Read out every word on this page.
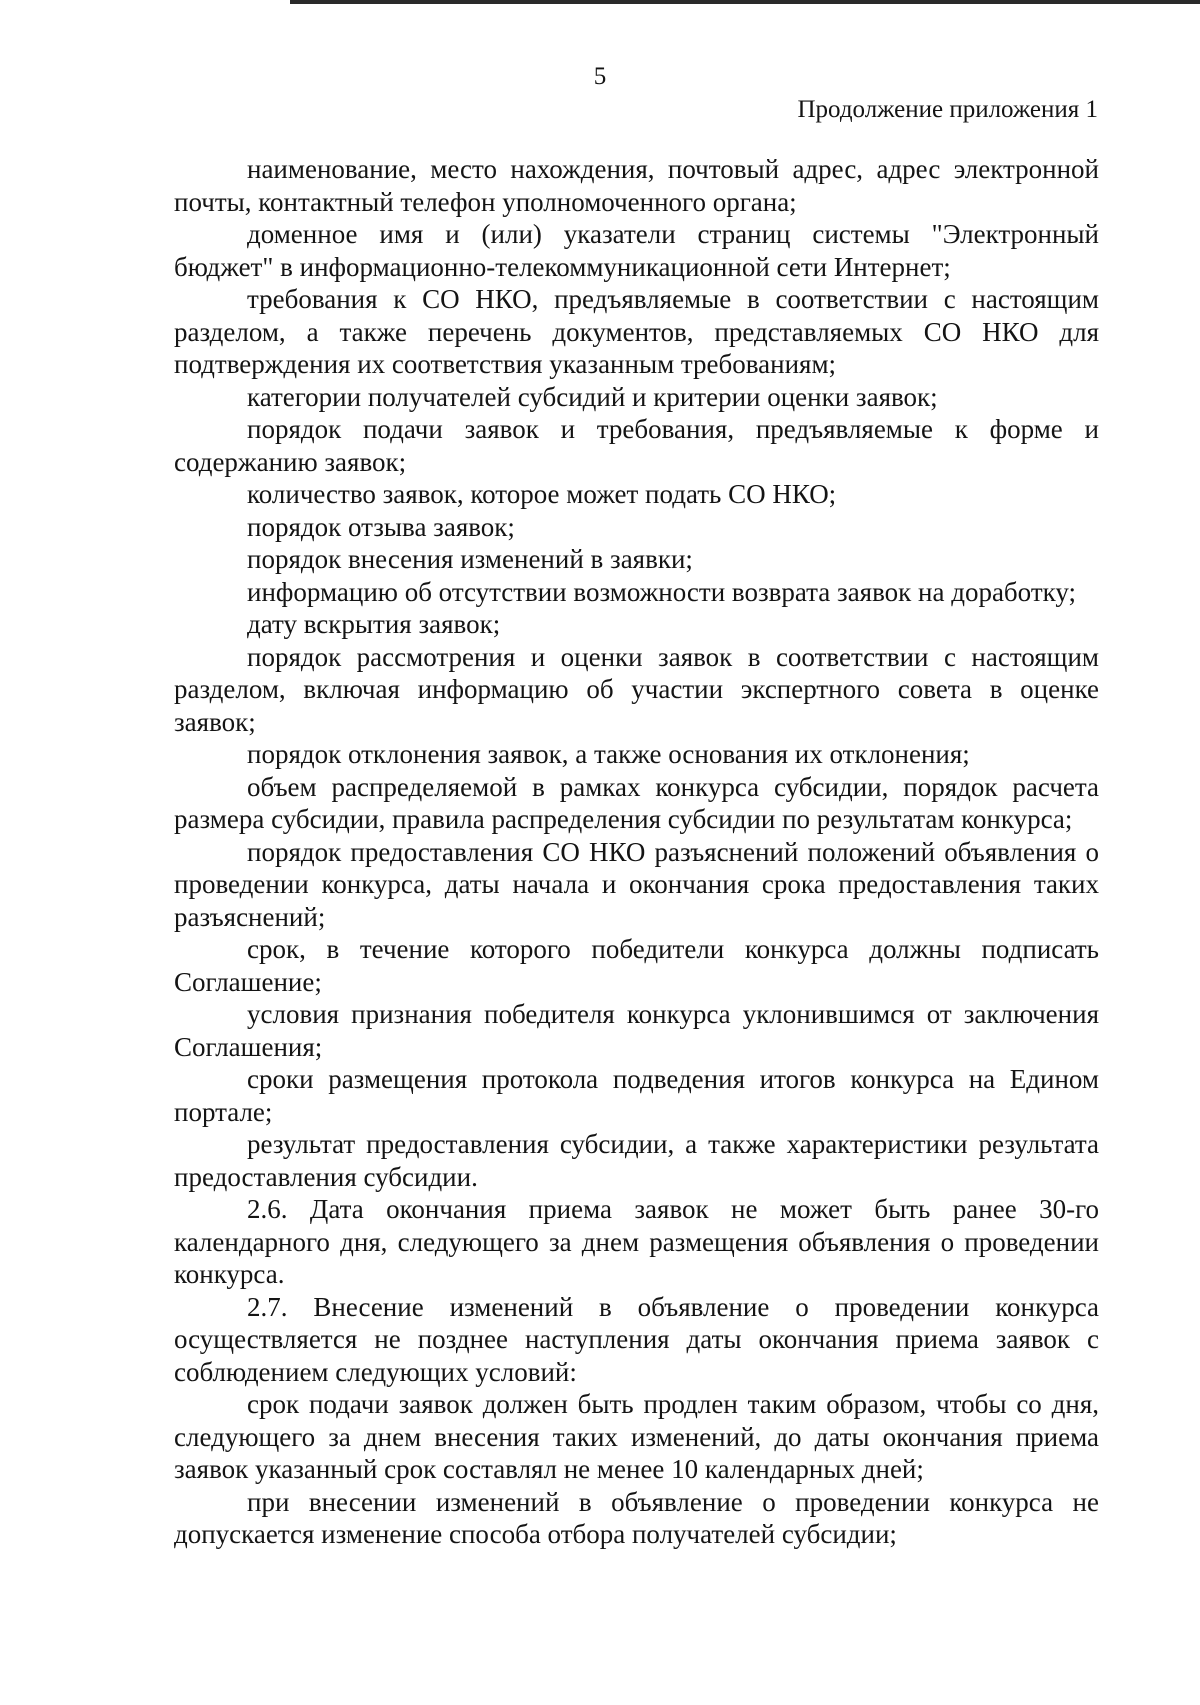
5
Продолжение приложения 1

наименование, место нахождения, почтовый адрес, адрес электронной почты, контактный телефон уполномоченного органа;

доменное имя и (или) указатели страниц системы "Электронный бюджет" в информационно-телекоммуникационной сети Интернет;

требования к СО НКО, предъявляемые в соответствии с настоящим разделом, а также перечень документов, представляемых СО НКО для подтверждения их соответствия указанным требованиям;

категории получателей субсидий и критерии оценки заявок;

порядок подачи заявок и требования, предъявляемые к форме и содержанию заявок;

количество заявок, которое может подать СО НКО;

порядок отзыва заявок;

порядок внесения изменений в заявки;

информацию об отсутствии возможности возврата заявок на доработку;

дату вскрытия заявок;

порядок рассмотрения и оценки заявок в соответствии с настоящим разделом, включая информацию об участии экспертного совета в оценке заявок;

порядок отклонения заявок, а также основания их отклонения;

объем распределяемой в рамках конкурса субсидии, порядок расчета размера субсидии, правила распределения субсидии по результатам конкурса;

порядок предоставления СО НКО разъяснений положений объявления о проведении конкурса, даты начала и окончания срока предоставления таких разъяснений;

срок, в течение которого победители конкурса должны подписать Соглашение;

условия признания победителя конкурса уклонившимся от заключения Соглашения;

сроки размещения протокола подведения итогов конкурса на Едином портале;

результат предоставления субсидии, а также характеристики результата предоставления субсидии.

2.6. Дата окончания приема заявок не может быть ранее 30-го календарного дня, следующего за днем размещения объявления о проведении конкурса.

2.7. Внесение изменений в объявление о проведении конкурса осуществляется не позднее наступления даты окончания приема заявок с соблюдением следующих условий:

срок подачи заявок должен быть продлен таким образом, чтобы со дня, следующего за днем внесения таких изменений, до даты окончания приема заявок указанный срок составлял не менее 10 календарных дней;

при внесении изменений в объявление о проведении конкурса не допускается изменение способа отбора получателей субсидии;
